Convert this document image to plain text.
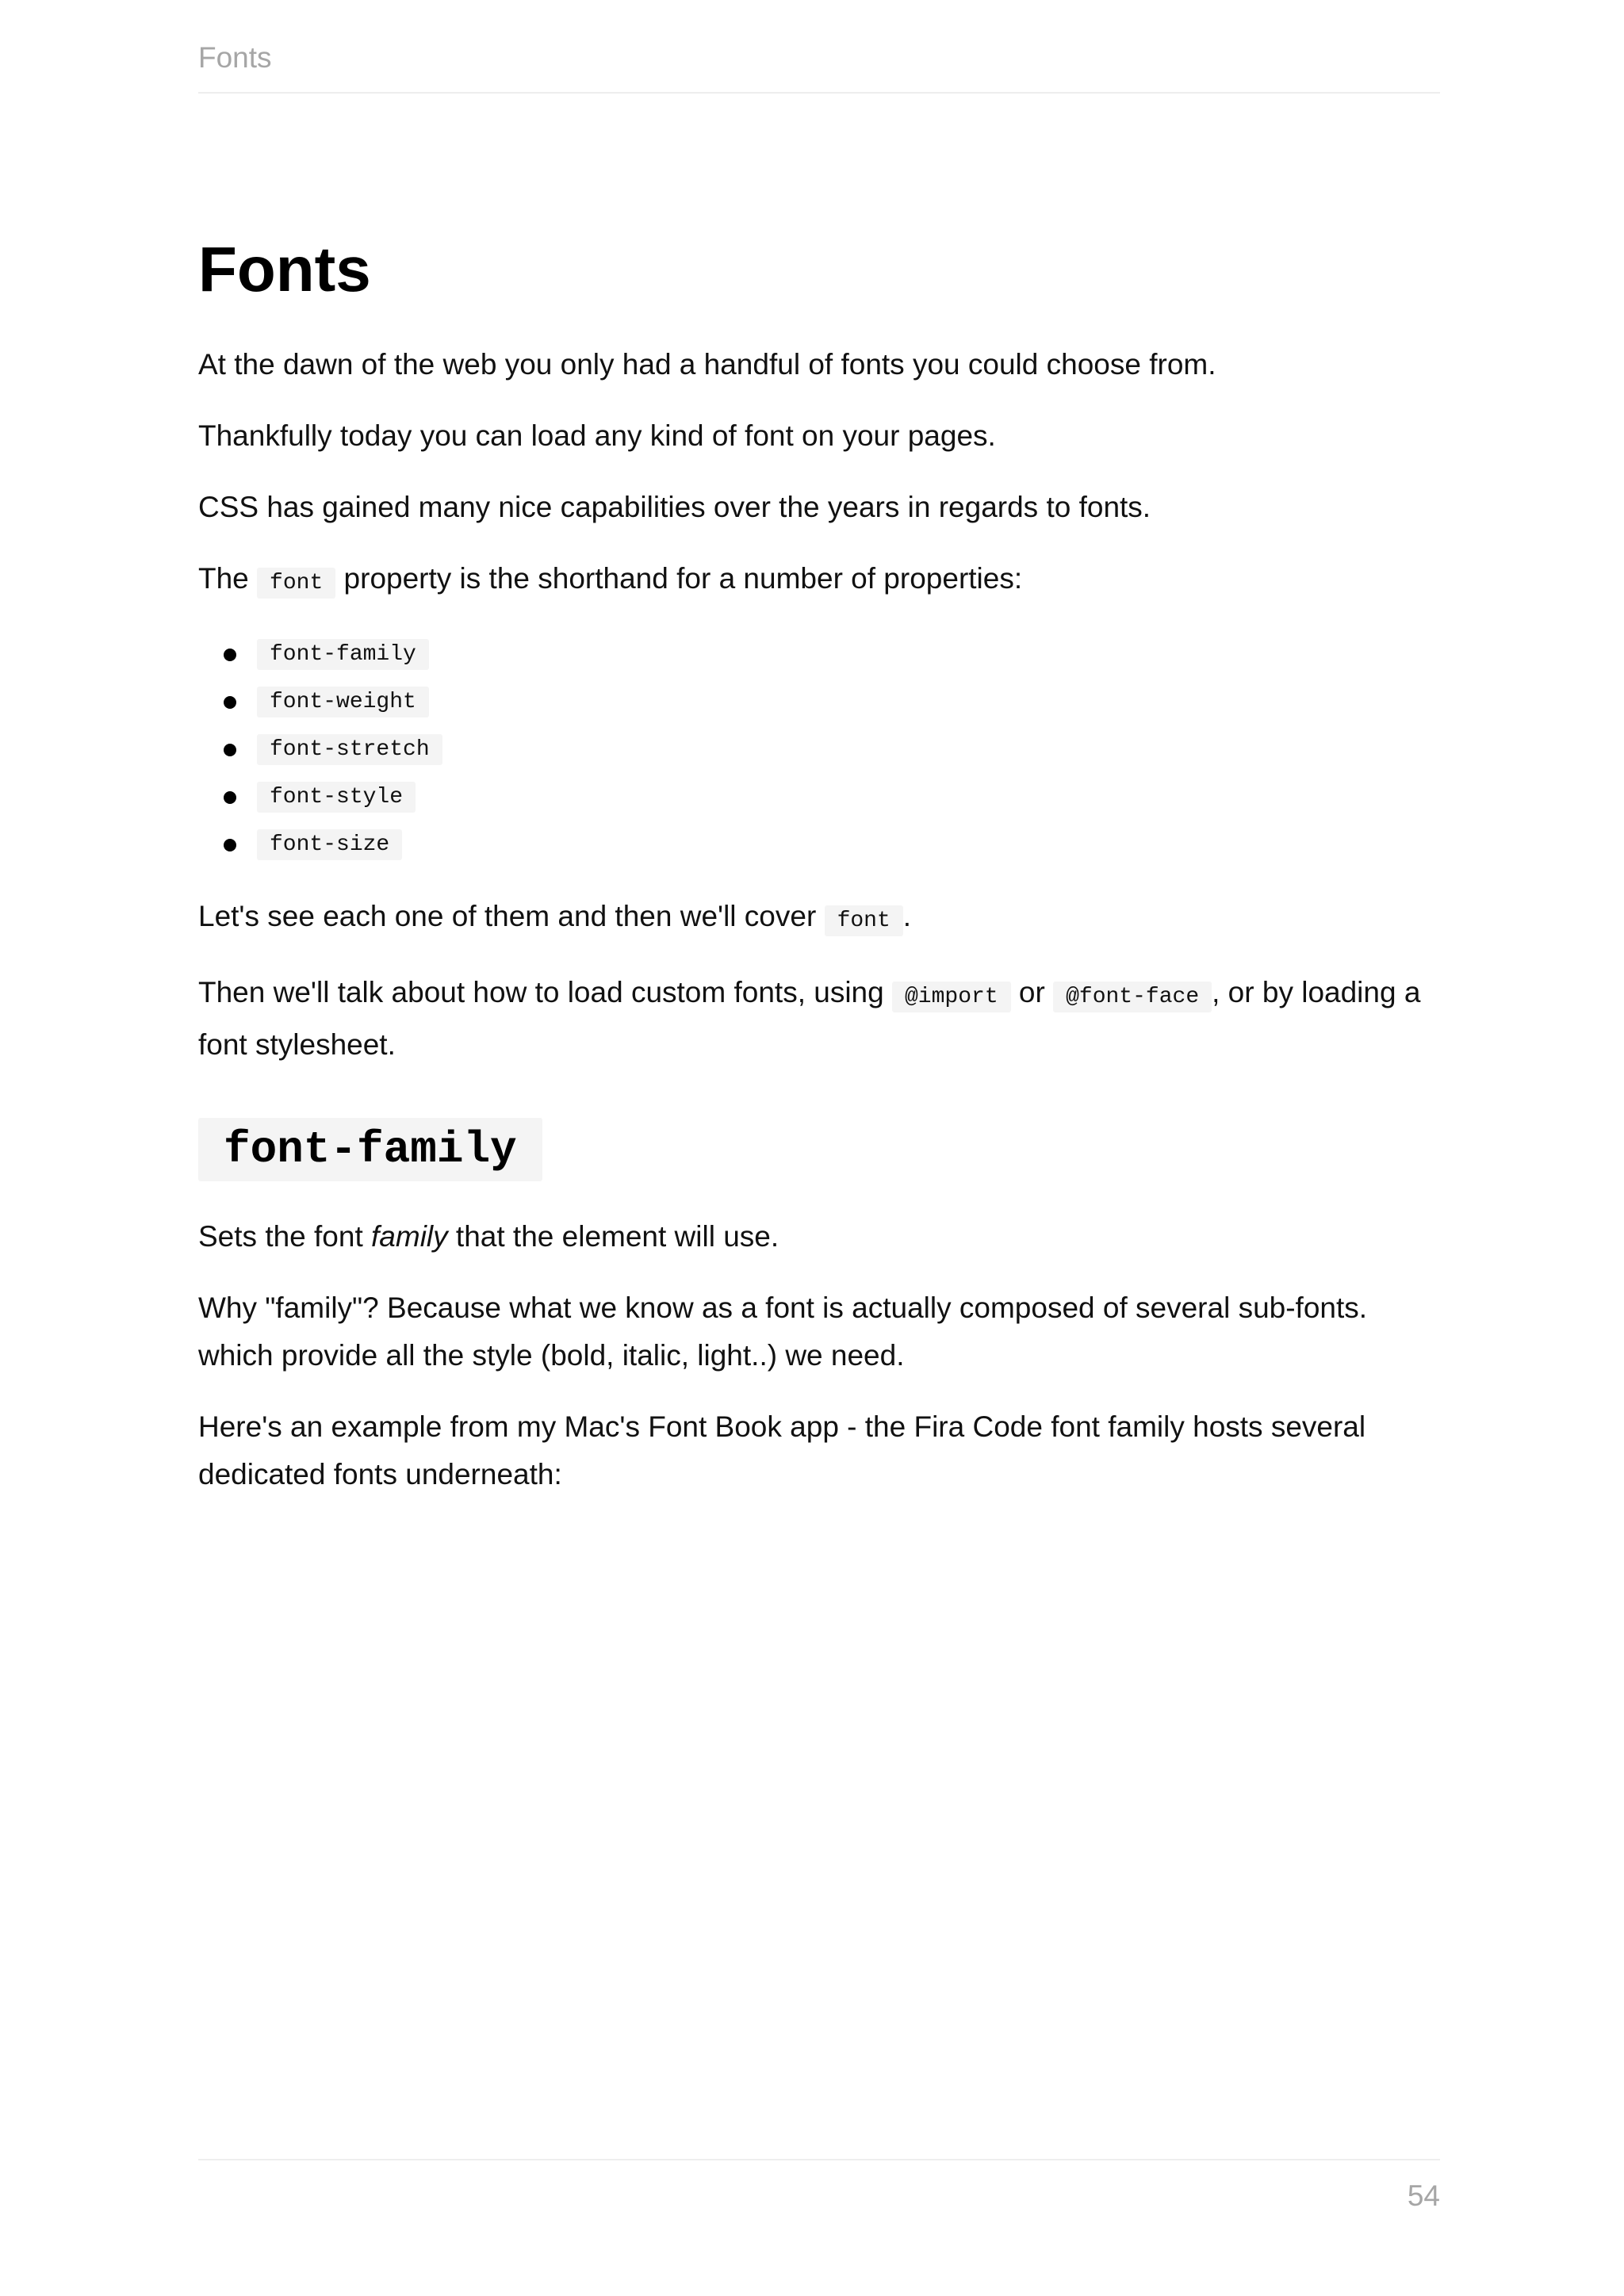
Fonts
Fonts

At the dawn of the web you only had a handful of fonts you could choose from.

Thankfully today you can load any kind of font on your pages.

CSS has gained many nice capabilities over the years in regards to fonts.

The font property is the shorthand for a number of properties:

font-family
font-weight
font-stretch
font-style
font-size

Let's see each one of them and then we'll cover font .

Then we'll talk about how to load custom fonts, using @import or @font-face , or by loading a font stylesheet.

font-family

Sets the font family that the element will use.

Why "family"? Because what we know as a font is actually composed of several sub-fonts. which provide all the style (bold, italic, light..) we need.

Here's an example from my Mac's Font Book app - the Fira Code font family hosts several dedicated fonts underneath:

54
